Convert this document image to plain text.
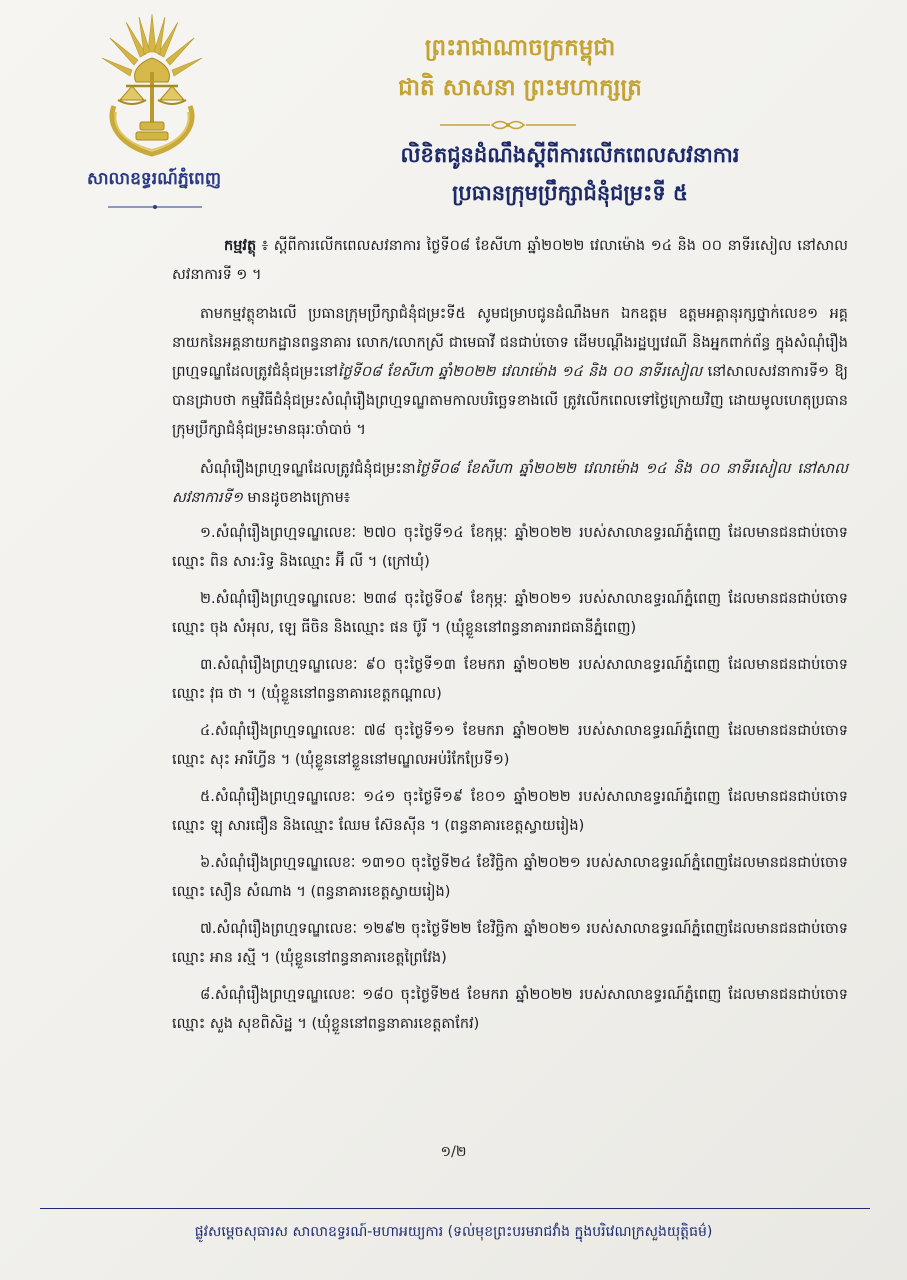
សាលាឧទ្ធរណ៍ភ្នំពេញ
ព្រះរាជាណាចក្រកម្ពុជា
ជាតិ សាសនា ព្រះមហាក្សត្រ
លិខិតជូនដំណឹងស្តីពីការលើកពេលសវនាការ
ប្រធានក្រុមប្រឹក្សាជំនុំជម្រះទី ៥

កម្មវត្ថុ ៖ ស្តីពីការលើកពេលសវនាការ ថ្ងៃទី០៨ ខែសីហា ឆ្នាំ២០២២ វេលាម៉ោង ១៤ និង ០០ នាទីរសៀល នៅសាលសវនាការទី ១ ។

តាមកម្មវត្ថុខាងលើ ប្រធានក្រុមប្រឹក្សាជំនុំជម្រះទី៥ សូមជម្រាបជូនដំណឹងមក ឯកឧត្តម ឧត្តមអគ្គានុរក្សថ្នាក់លេខ១ អគ្គនាយកនៃអគ្គនាយកដ្ឋានពន្ធនាគារ លោក/លោកស្រី ជាមេធាវី ជនជាប់ចោទ ដើមបណ្តឹងរដ្ឋប្បវេណី និងអ្នកពាក់ព័ន្ធ ក្នុងសំណុំរឿងព្រហ្មទណ្ឌដែលត្រូវជំនុំជម្រះនៅថ្ងៃទី០៨ ខែសីហា ឆ្នាំ២០២២ វេលាម៉ោង ១៤ និង ០០ នាទីរសៀល នៅសាលសវនាការទី១ ឱ្យបានជ្រាបថា កម្មវិធីជំនុំជម្រះសំណុំរឿងព្រហ្មទណ្ឌតាមកាលបរិច្ឆេទខាងលើ ត្រូវលើកពេលទៅថ្ងៃក្រោយវិញ ដោយមូលហេតុប្រធានក្រុមប្រឹក្សាជំនុំជម្រះមានធុរៈចាំបាច់ ។

សំណុំរឿងព្រហ្មទណ្ឌដែលត្រូវជំនុំជម្រះនាថ្ងៃទី០៨ ខែសីហា ឆ្នាំ២០២២ វេលាម៉ោង ១៤ និង ០០ នាទីរសៀល នៅសាលសវនាការទី១ មានដូចខាងក្រោម៖

១.សំណុំរឿងព្រហ្មទណ្ឌលេខៈ ២៧០ ចុះថ្ងៃទី១៤ ខែកុម្ភៈ ឆ្នាំ២០២២ របស់សាលាឧទ្ធរណ៍ភ្នំពេញ ដែលមានជនជាប់ចោទឈ្មោះ ពិន សារ:រិទ្ធ និងឈ្មោះ អ៊ី លី ។ (ក្រៅឃុំ)

២.សំណុំរឿងព្រហ្មទណ្ឌលេខៈ ២៣៨ ចុះថ្ងៃទី០៩ ខែកុម្ភៈ ឆ្នាំ២០២១ របស់សាលាឧទ្ធរណ៍ភ្នំពេញ ដែលមានជនជាប់ចោទឈ្មោះ ចុង សំអុល, ឡេ ធីចិន និងឈ្មោះ ផន ប៊ូរី ។ (ឃុំខ្លួននៅពន្ធនាគាររាជធានីភ្នំពេញ)

៣.សំណុំរឿងព្រហ្មទណ្ឌលេខៈ ៩០ ចុះថ្ងៃទី១៣ ខែមករា ឆ្នាំ២០២២ របស់សាលាឧទ្ធរណ៍ភ្នំពេញ ដែលមានជនជាប់ចោទឈ្មោះ វុធ ថា ។ (ឃុំខ្លួននៅពន្ធនាគារខេត្តកណ្តាល)

៤.សំណុំរឿងព្រហ្មទណ្ឌលេខៈ ៧៨ ចុះថ្ងៃទី១១ ខែមករា ឆ្នាំ២០២២ របស់សាលាឧទ្ធរណ៍ភ្នំពេញ ដែលមានជនជាប់ចោទឈ្មោះ សុះ អារីហ្វីន ។ (ឃុំខ្លួននៅខ្លួននៅមណ្ឌលអប់រំកែប្រែទី១)

៥.សំណុំរឿងព្រហ្មទណ្ឌលេខៈ ១៤១ ចុះថ្ងៃទី១៩ ខែ០១ ឆ្នាំ២០២២ របស់សាលាឧទ្ធរណ៍ភ្នំពេញ ដែលមានជនជាប់ចោទឈ្មោះ ឡុ សារជឿន និងឈ្មោះ ឈែម ស៊ែនស៊ីន ។ (ពន្ធនាគារខេត្តស្វាយរៀង)

៦.សំណុំរឿងព្រហ្មទណ្ឌលេខៈ ១៣១០ ចុះថ្ងៃទី២៤ ខែវិច្ឆិកា ឆ្នាំ២០២១ របស់សាលាឧទ្ធរណ៍ភ្នំពេញដែលមានជនជាប់ចោទឈ្មោះ សឿន សំណាង ។ (ពន្ធនាគារខេត្តស្វាយរៀង)

៧.សំណុំរឿងព្រហ្មទណ្ឌលេខៈ ១២៩២ ចុះថ្ងៃទី២២ ខែវិច្ឆិកា ឆ្នាំ២០២១ របស់សាលាឧទ្ធរណ៍ភ្នំពេញដែលមានជនជាប់ចោទឈ្មោះ អាន រស្មី ។ (ឃុំខ្លួននៅពន្ធនាគារខេត្តព្រៃវែង)

៨.សំណុំរឿងព្រហ្មទណ្ឌលេខៈ ១៨០ ចុះថ្ងៃទី២៥ ខែមករា ឆ្នាំ២០២២ របស់សាលាឧទ្ធរណ៍ភ្នំពេញ ដែលមានជនជាប់ចោទឈ្មោះ សួង សុខពិសិដ្ឋ ។ (ឃុំខ្លួននៅពន្ធនាគារខេត្តតាកែវ)

១/២
ផ្លូវសម្តេចសុធារស សាលាឧទ្ធរណ៍-មហាអយ្យការ (ទល់មុខព្រះបរមរាជវាំង ក្នុងបរិវេណក្រសួងយុត្តិធម៌)
